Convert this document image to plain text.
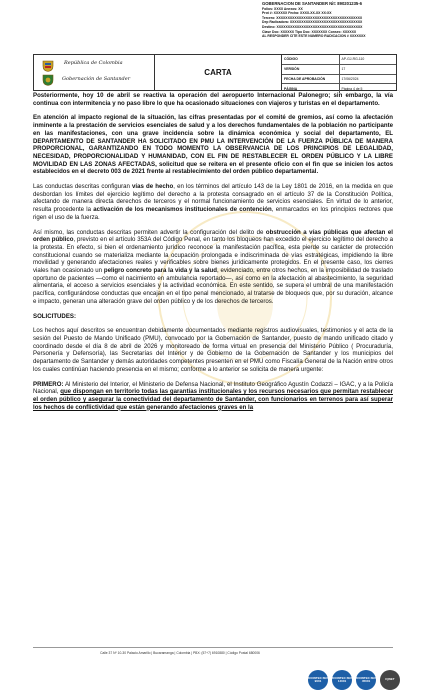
GOBERNACION DE SANTANDER Nit: 890201235-6
Folios: XXXX Anexos: XX
Prot #: XXXXXX Fecha: XXXX-XX-XX XX:XX
Tercero: XXXXXXXXXXXXXXXXXXXXXXXXXXXXXXXXXXXXXX
Dep Radicadora: XXXXXXXXXXXXXXXXXXXXXXXXXXXXXXXX
Destino: XXXXXXXXXXXXXXXXXXXXXXXXXXXXXXXXXXXXXX
Clase Doc: XXXXXX Tipo Doc: XXXXXXX Consec: XXXXXX
AL RESPONDER CITE ESTE NUMERO RADICACION # XXXXXXX
República de Colombia
Gobernación de Santander
CARTA
CÓDIGO	AP-GJ-RG-110
VERSIÓN	17
FECHA DE APROBACIÓN	17/06/2024
PÁGINA	Página 4 de 5

Posteriormente, hoy 10 de abril se reactiva la operación del aeropuerto Internacional Palonegro; sin embargo, la vía continua con intermitencia y no paso libre lo que ha ocasionado situaciones con viajeros y turistas en el departamento.

En atención al impacto regional de la situación, las cifras presentadas por el comité de gremios, así como la afectación inminente a la prestación de servicios esenciales de salud y a los derechos fundamentales de la población no participante en las manifestaciones, con una grave incidencia sobre la dinámica económica y social del departamento, EL DEPARTAMENTO DE SANTANDER HA SOLICITADO EN PMU LA INTERVENCIÓN DE LA FUERZA PÚBLICA DE MANERA PROPORCIONAL, GARANTIZANDO EN TODO MOMENTO LA OBSERVANCIA DE LOS PRINCIPIOS DE LEGALIDAD, NECESIDAD, PROPORCIONALIDAD Y HUMANIDAD, CON EL FIN DE RESTABLECER EL ORDEN PÚBLICO Y LA LIBRE MOVILIDAD EN LAS ZONAS AFECTADAS, solicitud que se reitera en el presente oficio con el fin que se inicien los actos establecidos en el decreto 003 de 2021 frente al restablecimiento del orden público departamental.

Las conductas descritas configuran vías de hecho, en los términos del artículo 143 de la Ley 1801 de 2016, en la medida en que desbordan los límites del ejercicio legítimo del derecho a la protesta consagrado en el artículo 37 de la Constitución Política, afectando de manera directa derechos de terceros y el normal funcionamiento de servicios esenciales. En virtud de lo anterior, resulta procedente la activación de los mecanismos institucionales de contención, enmarcados en los principios rectores que rigen el uso de la fuerza.

Así mismo, las conductas descritas permiten advertir la configuración del delito de obstrucción a vías públicas que afectan el orden público, previsto en el artículo 353A del Código Penal, en tanto los bloqueos han excedido el ejercicio legítimo del derecho a la protesta. En efecto, si bien el ordenamiento jurídico reconoce la manifestación pacífica, esta pierde su carácter de protección constitucional cuando se materializa mediante la ocupación prolongada e indiscriminada de vías estratégicas, impidiendo la libre movilidad y generando afectaciones reales y verificables sobre bienes jurídicamente protegidos. En el presente caso, los cierres viales han ocasionado un peligro concreto para la vida y la salud, evidenciado, entre otros hechos, en la imposibilidad de traslado oportuno de pacientes —como el nacimiento en ambulancia reportado—, así como en la afectación al abastecimiento, la seguridad alimentaria, el acceso a servicios esenciales y la actividad económica. En este sentido, se supera el umbral de una manifestación pacífica, configurándose conductas que encajan en el tipo penal mencionado, al tratarse de bloqueos que, por su duración, alcance e impacto, generan una alteración grave del orden público y de los derechos de terceros.

SOLICITUDES:

Los hechos aquí descritos se encuentran debidamente documentados mediante registros audiovisuales, testimonios y el acta de la sesión del Puesto de Mando Unificado (PMU), convocado por la Gobernación de Santander, puesto de mando unificado citado y coordinado desde el día 8 de abril de 2026 y monitoreado de forma virtual en presencia del Ministerio Público ( Procuraduría, Personería y Defensoría), las Secretarías del Interior y de Gobierno de la Gobernación de Santander y los municipios del departamento de Santander y demás autoridades competentes presenten en el PMU como Fiscalía General de la Nación entre otros los cuales continúan haciendo presencia en el mismo; conforme a lo anterior se solicita de manera urgente:

PRIMERO: Al Ministerio del Interior, el Ministerio de Defensa Nacional, el Instituto Geográfico Agustín Codazzi – IGAC, y a la Policía Nacional, que dispongan en territorio todas las garantías institucionales y los recursos necesarios que permitan restablecer el orden público y asegurar la conectividad del departamento de Santander, con funcionarios en terrenos para así superar los hechos de conflictividad que están generando afectaciones graves en la

Calle 37 Nº 10-30 Palacio Amarillo | Bucaramanga | Colombia | PBX: (57+7) 6910880 | Código Postal 680006
ICONTEC ISO 9001
ICONTEC ISO 14001
ICONTEC ISO 45001	IQNET
